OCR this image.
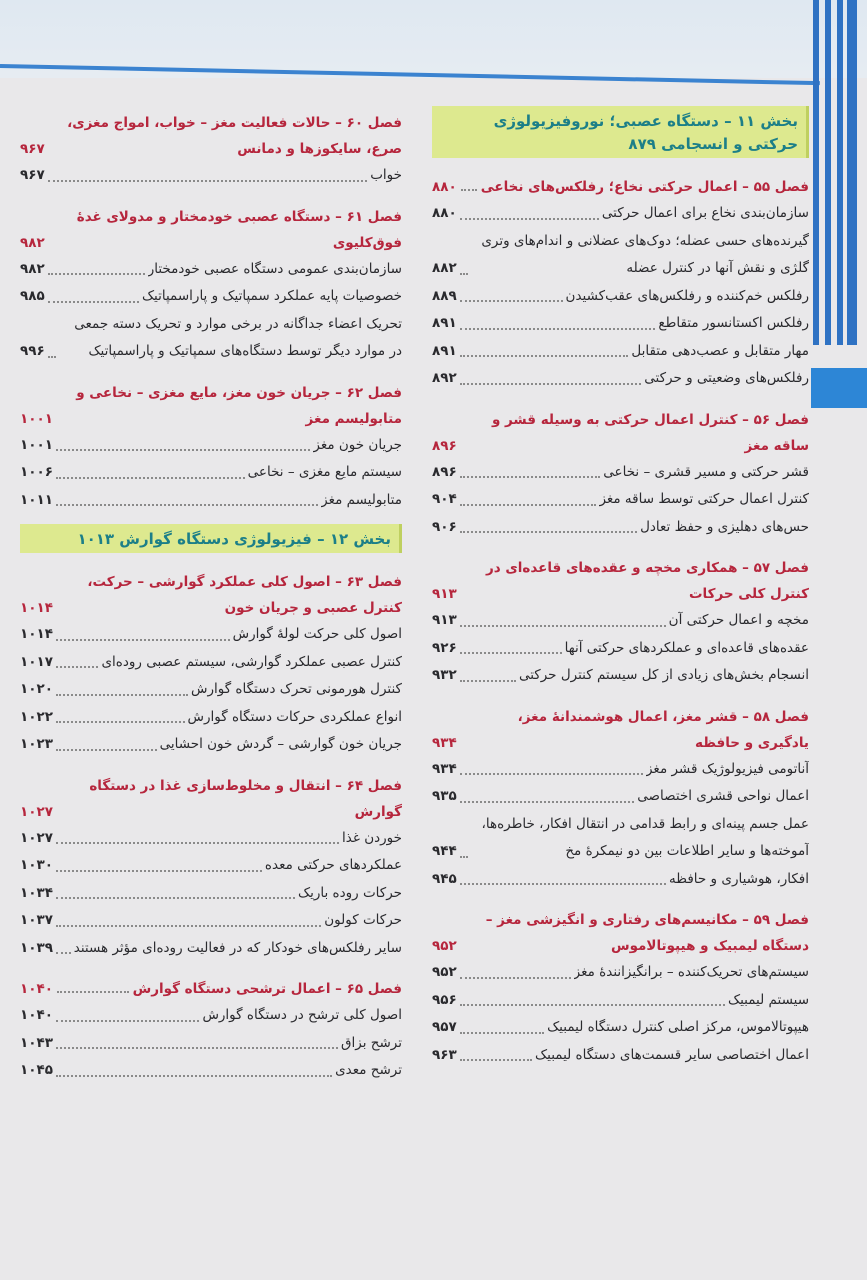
بخش ۱۱ – دستگاه عصبی؛ نوروفیزیولوژی حرکتی و انسجامی ۸۷۹
فصل ۵۵ – اعمال حرکتی نخاع؛ رفلکس‌های نخاعی
۸۸۰
سازمان‌بندی نخاع برای اعمال حرکتی
۸۸۰
گیرنده‌های حسی عضله؛ دوک‌های عضلانی و اندام‌های وتری گلژی و نقش آنها در کنترل عضله
۸۸۲
رفلکس خم‌کننده و رفلکس‌های عقب‌کشیدن
۸۸۹
رفلکس اکستانسور متقاطع
۸۹۱
مهار متقابل و عصب‌دهی متقابل
۸۹۱
رفلکس‌های وضعیتی و حرکتی
۸۹۲
فصل ۵۶ – کنترل اعمال حرکتی به وسیله قشر و ساقه مغز
۸۹۶
قشر حرکتی و مسیر قشری – نخاعی
۸۹۶
کنترل اعمال حرکتی توسط ساقه مغز
۹۰۴
حس‌های دهلیزی و حفظ تعادل
۹۰۶
فصل ۵۷ – همکاری مخچه و عقده‌های قاعده‌ای در کنترل کلی حرکات
۹۱۳
مخچه و اعمال حرکتی آن
۹۱۳
عقده‌های قاعده‌ای و عملکردهای حرکتی آنها
۹۲۶
انسجام بخش‌های زیادی از کل سیستم کنترل حرکتی
۹۳۲
فصل ۵۸ – قشر مغز، اعمال هوشمندانهٔ مغز، یادگیری و حافظه
۹۳۴
آناتومی فیزیولوژیک قشر مغز
۹۳۴
اعمال نواحی قشری اختصاصی
۹۳۵
عمل جسم پینه‌ای و رابط قدامی در انتقال افکار، خاطره‌ها، آموخته‌ها و سایر اطلاعات بین دو نیمکرهٔ مخ
۹۴۴
افکار، هوشیاری و حافظه
۹۴۵
فصل ۵۹ – مکانیسم‌های رفتاری و انگیزشی مغز – دستگاه لیمبیک و هیپوتالاموس
۹۵۲
سیستم‌های تحریک‌کننده – برانگیزانندهٔ مغز
۹۵۲
سیستم لیمبیک
۹۵۶
هیپوتالاموس، مرکز اصلی کنترل دستگاه لیمبیک
۹۵۷
اعمال اختصاصی سایر قسمت‌های دستگاه لیمبیک
۹۶۳
فصل ۶۰ – حالات فعالیت مغز – خواب، امواج مغزی، صرع، سایکوزها و دمانس
۹۶۷
خواب
۹۶۷
فصل ۶۱ – دستگاه عصبی خودمختار و مدولای غدهٔ فوق‌کلیوی
۹۸۲
سازمان‌بندی عمومی دستگاه عصبی خودمختار
۹۸۲
خصوصیات پایه عملکرد سمپاتیک و پاراسمپاتیک
۹۸۵
تحریک اعضاء جداگانه در برخی موارد و تحریک دسته جمعی در موارد دیگر توسط دستگاه‌های سمپاتیک و پاراسمپاتیک
۹۹۶
فصل ۶۲ – جریان خون مغز، مایع مغزی – نخاعی و متابولیسم مغز
۱۰۰۱
جریان خون مغز
۱۰۰۱
سیستم مایع مغزی – نخاعی
۱۰۰۶
متابولیسم مغز
۱۰۱۱
بخش ۱۲ – فیزیولوژی دستگاه گوارش ۱۰۱۳
فصل ۶۳ – اصول کلی عملکرد گوارشی – حرکت، کنترل عصبی و جریان خون
۱۰۱۴
اصول کلی حرکت لولهٔ گوارش
۱۰۱۴
کنترل عصبی عملکرد گوارشی، سیستم عصبی روده‌ای
۱۰۱۷
کنترل هورمونی تحرک دستگاه گوارش
۱۰۲۰
انواع عملکردی حرکات دستگاه گوارش
۱۰۲۲
جریان خون گوارشی – گردش خون احشایی
۱۰۲۳
فصل ۶۴ – انتقال و مخلوط‌سازی غذا در دستگاه گوارش
۱۰۲۷
خوردن غذا
۱۰۲۷
عملکردهای حرکتی معده
۱۰۳۰
حرکات روده باریک
۱۰۳۴
حرکات کولون
۱۰۳۷
سایر رفلکس‌های خودکار که در فعالیت روده‌ای مؤثر هستند
۱۰۳۹
فصل ۶۵ – اعمال ترشحی دستگاه گوارش
۱۰۴۰
اصول کلی ترشح در دستگاه گوارش
۱۰۴۰
ترشح بزاق
۱۰۴۳
ترشح معدی
۱۰۴۵
